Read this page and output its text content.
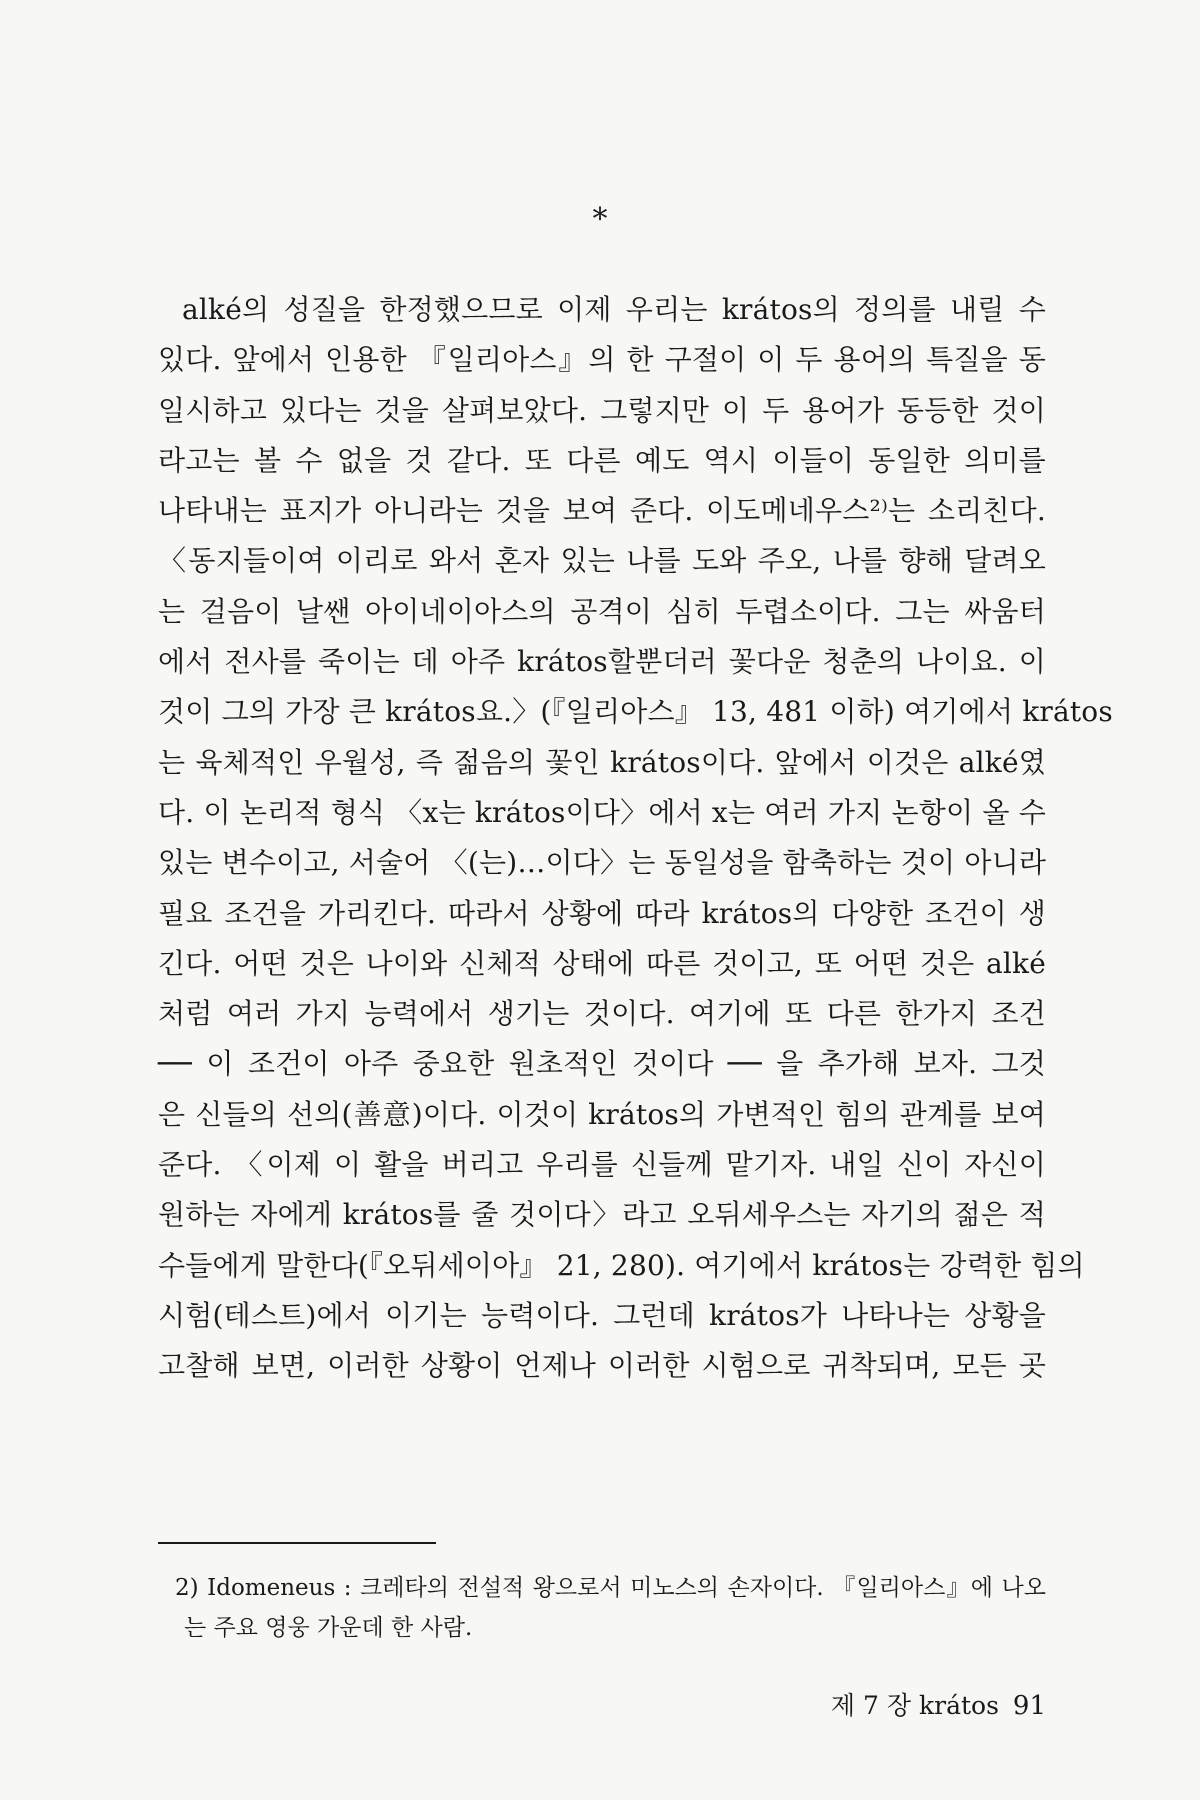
*
alké의 성질을 한정했으므로 이제 우리는 krátos의 정의를 내릴 수
있다. 앞에서 인용한 『일리아스』의 한 구절이 이 두 용어의 특질을 동
일시하고 있다는 것을 살펴보았다. 그렇지만 이 두 용어가 동등한 것이
라고는 볼 수 없을 것 같다. 또 다른 예도 역시 이들이 동일한 의미를
나타내는 표지가 아니라는 것을 보여 준다. 이도메네우스²⁾는 소리친다.
〈동지들이여 이리로 와서 혼자 있는 나를 도와 주오, 나를 향해 달려오
는 걸음이 날쌘 아이네이아스의 공격이 심히 두렵소이다. 그는 싸움터
에서 전사를 죽이는 데 아주 krátos할뿐더러 꽃다운 청춘의 나이요. 이
것이 그의 가장 큰 krátos요.〉(『일리아스』 13, 481 이하) 여기에서 krátos
는 육체적인 우월성, 즉 젊음의 꽃인 krátos이다. 앞에서 이것은 alké였
다. 이 논리적 형식 〈x는 krátos이다〉에서 x는 여러 가지 논항이 올 수
있는 변수이고, 서술어 〈(는)…이다〉는 동일성을 함축하는 것이 아니라
필요 조건을 가리킨다. 따라서 상황에 따라 krátos의 다양한 조건이 생
긴다. 어떤 것은 나이와 신체적 상태에 따른 것이고, 또 어떤 것은 alké
처럼 여러 가지 능력에서 생기는 것이다. 여기에 또 다른 한가지 조건
── 이 조건이 아주 중요한 원초적인 것이다 ── 을 추가해 보자. 그것
은 신들의 선의(善意)이다. 이것이 krátos의 가변적인 힘의 관계를 보여
준다. 〈이제 이 활을 버리고 우리를 신들께 맡기자. 내일 신이 자신이
원하는 자에게 krátos를 줄 것이다〉라고 오뒤세우스는 자기의 젊은 적
수들에게 말한다(『오뒤세이아』 21, 280). 여기에서 krátos는 강력한 힘의
시험(테스트)에서 이기는 능력이다. 그런데 krátos가 나타나는 상황을
고찰해 보면, 이러한 상황이 언제나 이러한 시험으로 귀착되며, 모든 곳
2) Idomeneus : 크레타의 전설적 왕으로서 미노스의 손자이다. 『일리아스』에 나오
는 주요 영웅 가운데 한 사람.
제 7 장 krátos 91
